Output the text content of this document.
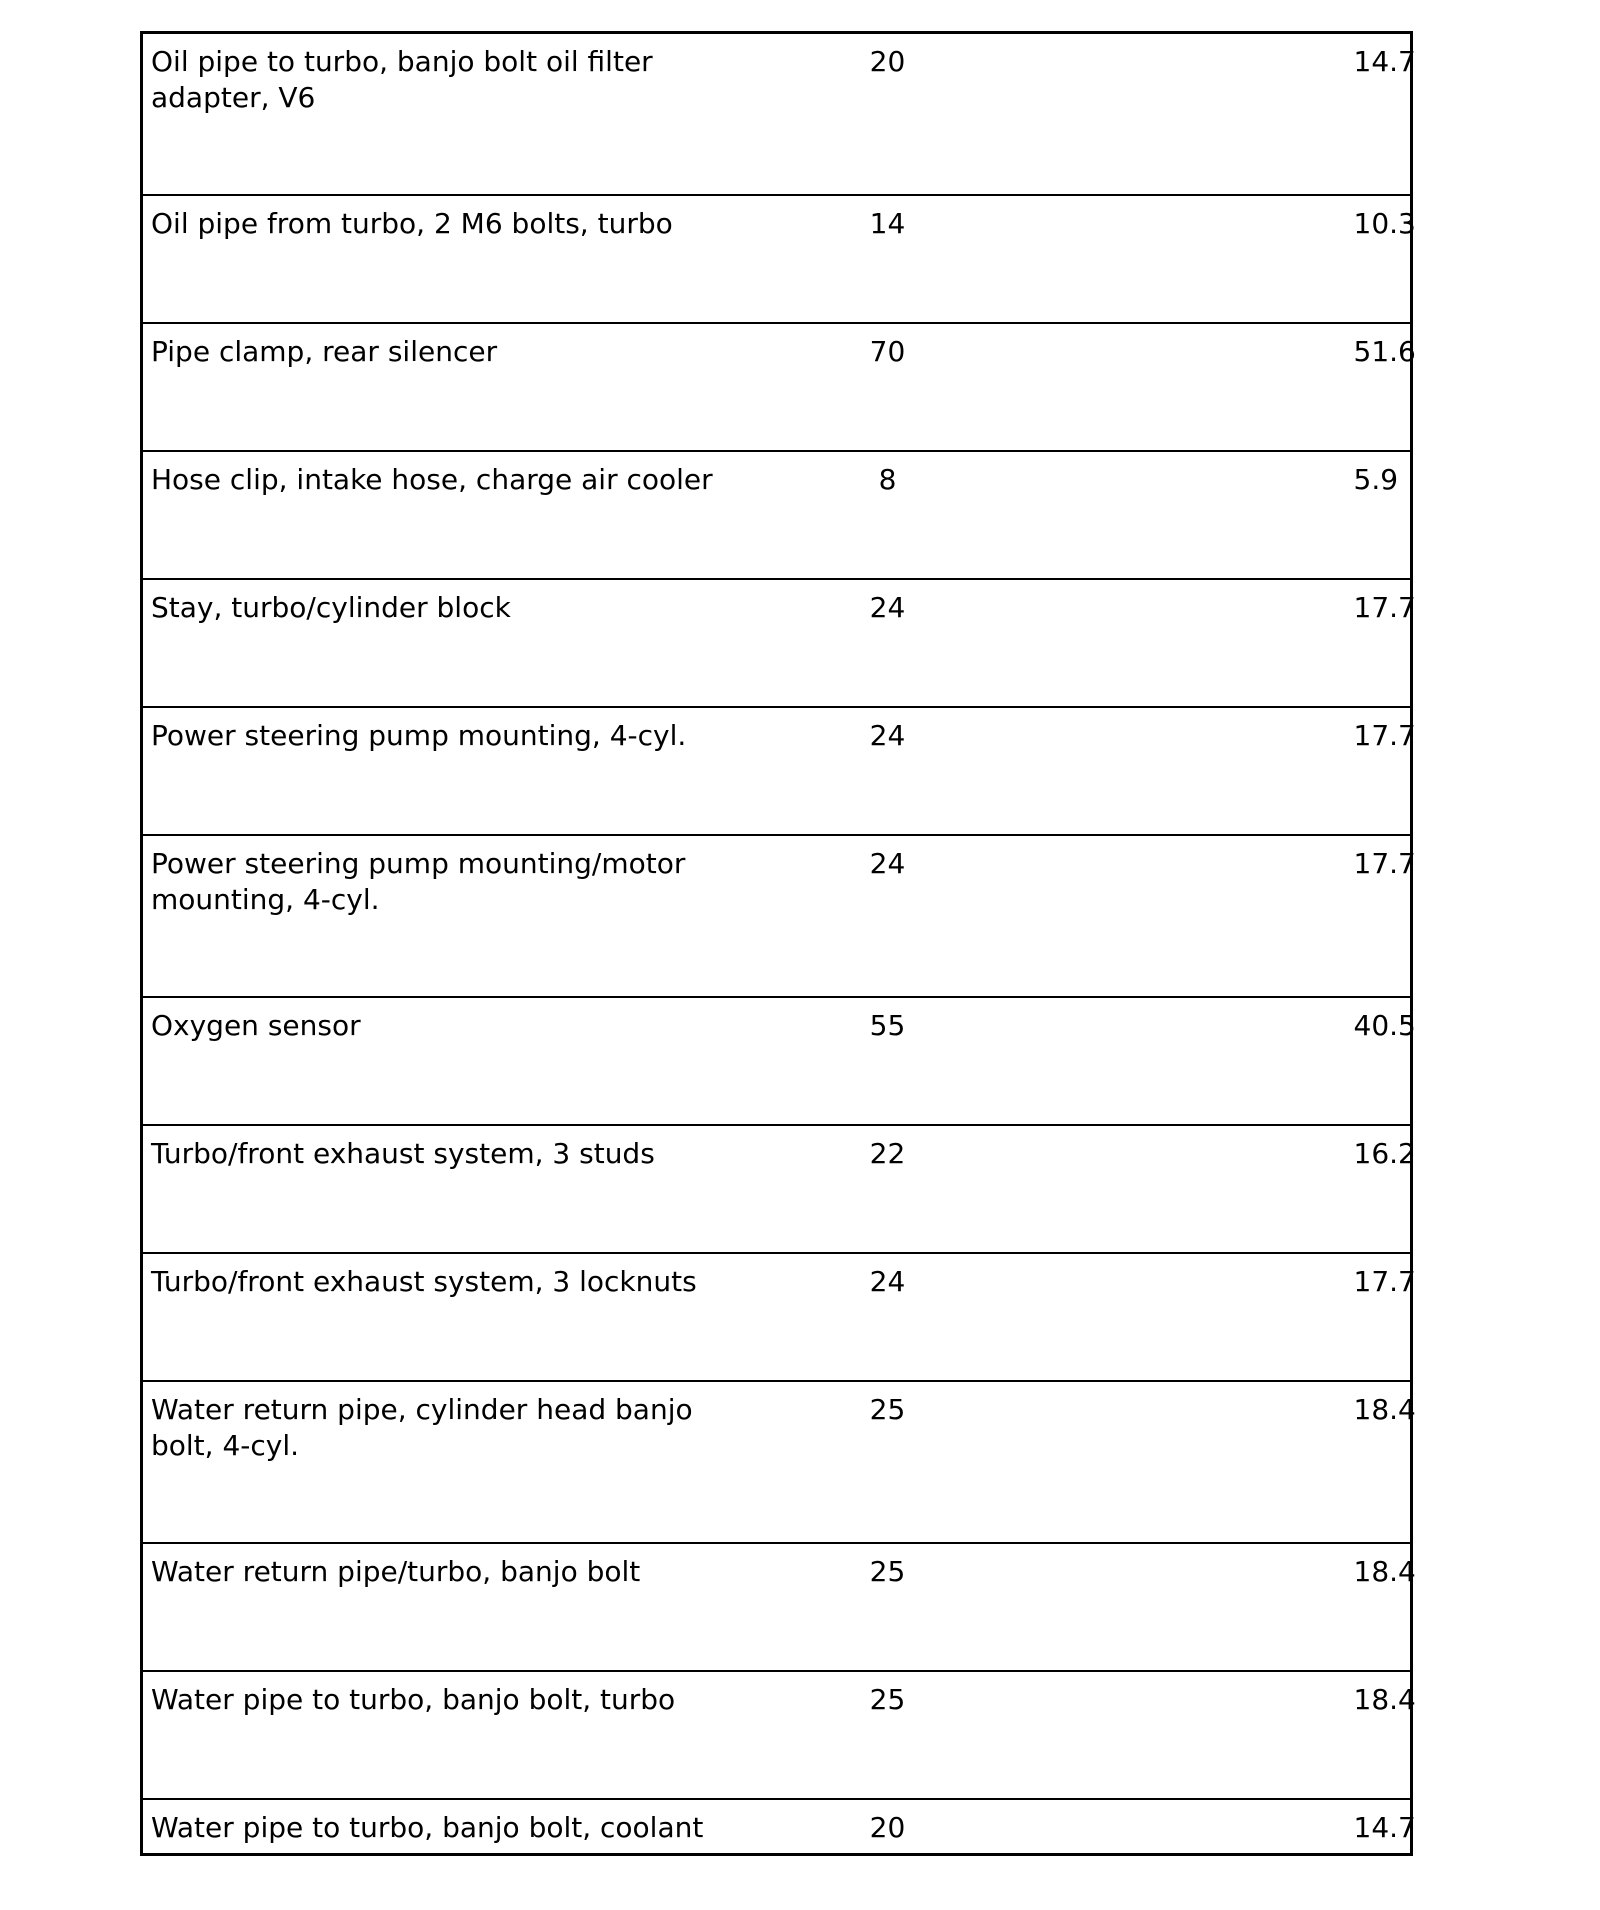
Oil pipe to turbo, banjo bolt oil filter adapter, V6	20	14.7
Oil pipe from turbo, 2 M6 bolts, turbo	14	10.3
Pipe clamp, rear silencer	70	51.6
Hose clip, intake hose, charge air cooler	8	5.9
Stay, turbo/cylinder block	24	17.7
Power steering pump mounting, 4-cyl.	24	17.7
Power steering pump mounting/motor mounting, 4-cyl.	24	17.7
Oxygen sensor	55	40.5
Turbo/front exhaust system, 3 studs	22	16.2
Turbo/front exhaust system, 3 locknuts	24	17.7
Water return pipe, cylinder head banjo bolt, 4-cyl.	25	18.4
Water return pipe/turbo, banjo bolt	25	18.4
Water pipe to turbo, banjo bolt, turbo	25	18.4
Water pipe to turbo, banjo bolt, coolant	20	14.7
